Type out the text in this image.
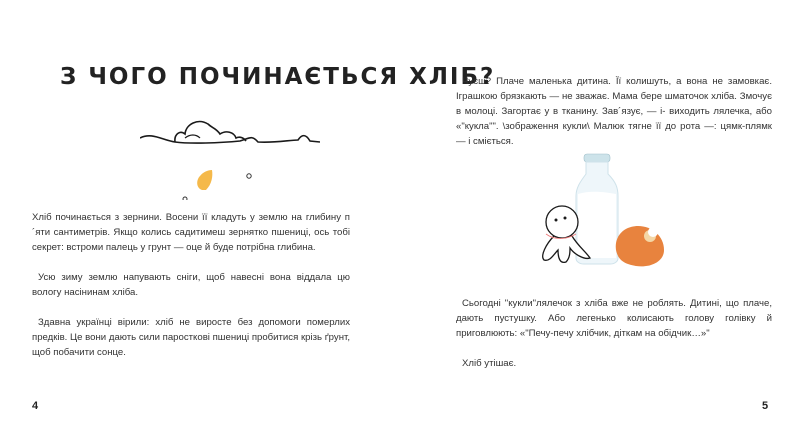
З ЧОГО ПОЧИНАЄТЬСЯ ХЛІБ?

Хліб починається з зернини. Восени її кладуть у землю на глибину п´яти сантиметрів. Якщо колись садитимеш зернятко пшениці, ось тобі секрет: встроми палець у грунт — оце й буде потрібна глибина.

Усю зиму землю напувають сніги, щоб навесні вона віддала цю вологу насінинам хліба.

Здавна українці вірили: хліб не виросте без допомоги померлих предків. Це вони дають сили паросткові пшениці пробитися крізь ґрунт, щоб побачити сонце.

4

Чуєш? Плаче маленька дитина. Її колишуть, а вона не замовкає. Іграшкою брязкають — не зважає. Мама бере шматочок хліба. Змочує в молоці. Загортає у в тканину. Зав´язує, — і- виходить лялечка, або «"кукла"". \зображення кукли\ Малюк тягне її до рота —: цямк-плямк — і сміється.

Сьогодні "кукли"лялечок з хліба вже не роблять. Дитині, що плаче, дають пустушку. Або легенько колисають голову голівку й приговлюють: «"Печу-печу хлібчик, діткам на обідчик…»"

Хліб утішає.

5
